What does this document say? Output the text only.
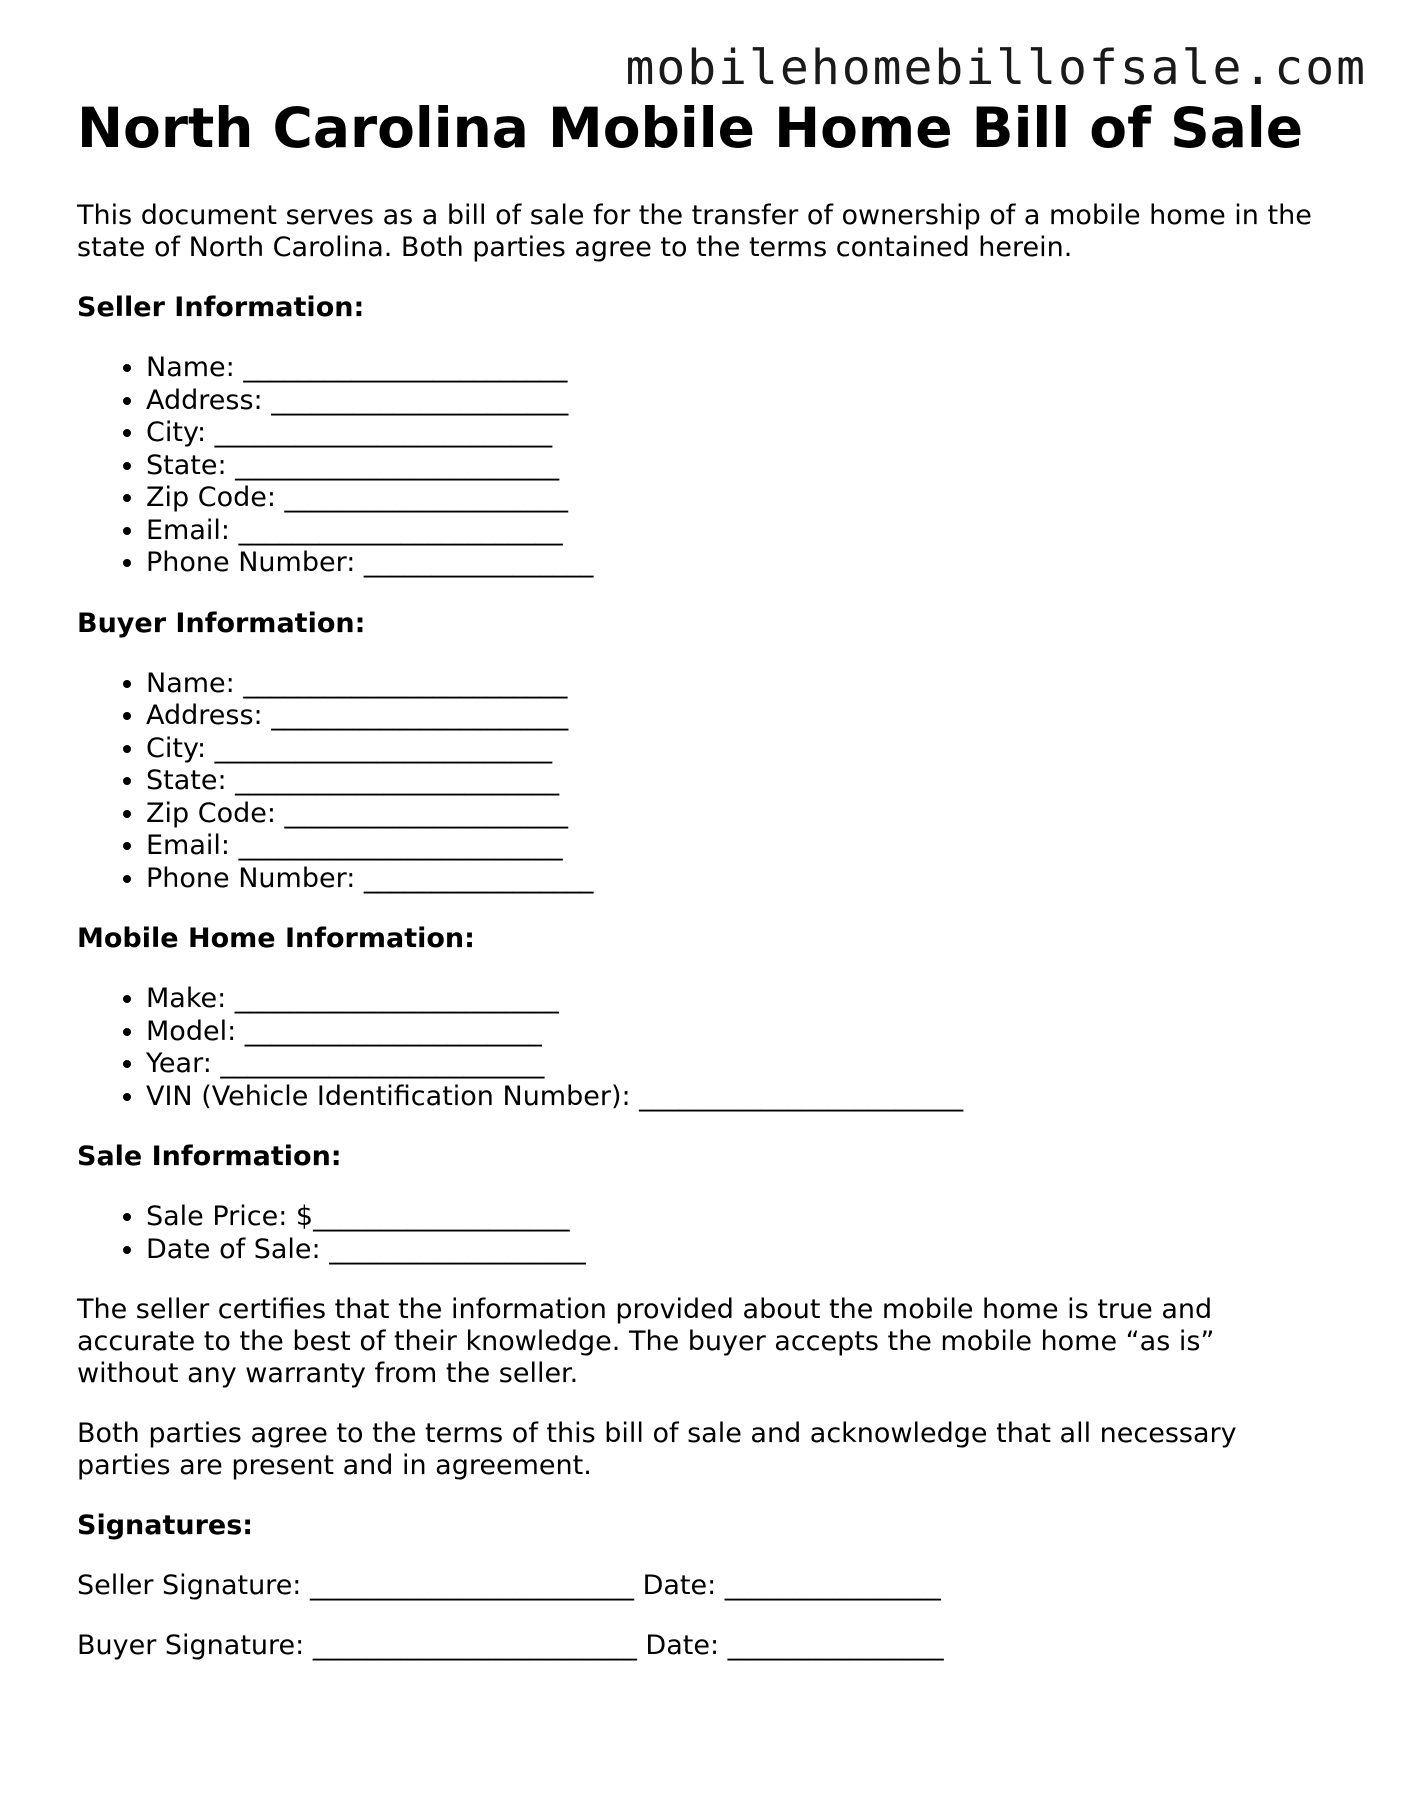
mobilehomebillofsale.com
North Carolina Mobile Home Bill of Sale

This document serves as a bill of sale for the transfer of ownership of a mobile home in the state of North Carolina. Both parties agree to the terms contained herein.

Seller Information:
• Name: ________________________
• Address: ______________________
• City: _________________________
• State: ________________________
• Zip Code: _____________________
• Email: ________________________
• Phone Number: _________________
Buyer Information:
• Name: ________________________
• Address: ______________________
• City: _________________________
• State: ________________________
• Zip Code: _____________________
• Email: ________________________
• Phone Number: _________________
Mobile Home Information:
• Make: ________________________
• Model: ______________________
• Year: ________________________
• VIN (Vehicle Identification Number): ________________________
Sale Information:
• Sale Price: $___________________
• Date of Sale: ___________________

The seller certifies that the information provided about the mobile home is true and accurate to the best of their knowledge. The buyer accepts the mobile home “as is” without any warranty from the seller.

Both parties agree to the terms of this bill of sale and acknowledge that all necessary parties are present and in agreement.

Signatures:
Seller Signature: ________________________ Date: ________________
Buyer Signature: ________________________ Date: ________________
